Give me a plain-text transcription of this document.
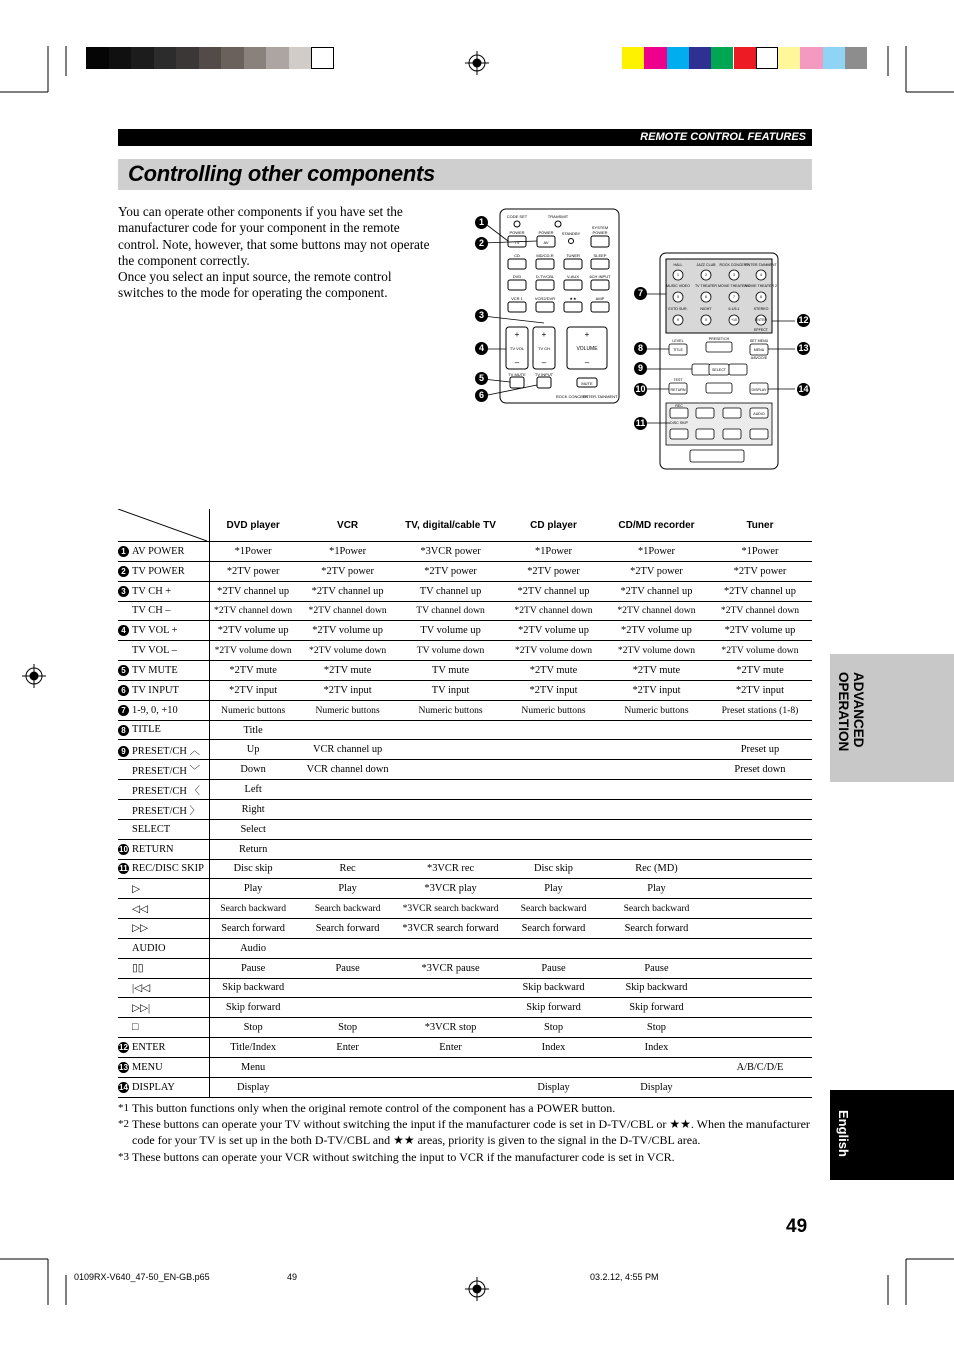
REMOTE CONTROL FEATURES
Controlling other components

You can operate other components if you have set the manufacturer code for your component in the remote control. Note, however, that some buttons may not operate the component correctly.

Once you select an input source, the remote control switches to the mode for operating the component.

CODE SET	TRANSMIT
POWER	POWER STANDBY
SYSTEM
POWER
TV	AV
CD	MD/CD-R	TUNER	SLEEP
DVD	D-TV/CBL	V-AUX	6CH INPUT
VCR 1	VCR2/DVR	★★	AMP
+	+	+
TV VOL	TV CH	VOLUME
–	–	–
TV MUTE TV INPUT
MUTE
ROCK CONCERT
ENTER-TAINMENT
1
2
3
4
5
6
HALL	JAZZ CLUB ROCK CONCERT
ENTER-TAINMENT
1	2	3	4
MUSIC VIDEO TV THEATER MOVIE THEATER 1
MOVIE THEATER 2
5	6	7	8
EXTD SUR.	NIGHT	6.1/5.1	STEREO
9	0	+10	ENTER
EFFECT
LEVEL	PRESET/CH	SET MENU
TITLE	MENU
A/B/C/D/E
SELECT
TEST
RETURN	DISPLAY
REC
AUDIO
DISC SKIP
7
8
9
10
11
12
13
14
	DVD player	VCR	TV, digital/cable TV	CD player	CD/MD recorder	Tuner
1 AV POWER	*1Power	*1Power	*3VCR power	*1Power	*1Power	*1Power
2 TV POWER	*2TV power	*2TV power	*2TV power	*2TV power	*2TV power	*2TV power
3 TV CH +	*2TV channel up	*2TV channel up	TV channel up	*2TV channel up	*2TV channel up	*2TV channel up
TV CH –	*2TV channel down	*2TV channel down	TV channel down	*2TV channel down	*2TV channel down	*2TV channel down
4 TV VOL +	*2TV volume up	*2TV volume up	TV volume up	*2TV volume up	*2TV volume up	*2TV volume up
TV VOL –	*2TV volume down	*2TV volume down	TV volume down	*2TV volume down	*2TV volume down	*2TV volume down
5 TV MUTE	*2TV mute	*2TV mute	TV mute	*2TV mute	*2TV mute	*2TV mute
6 TV INPUT	*2TV input	*2TV input	TV input	*2TV input	*2TV input	*2TV input
7 1-9, 0, +10	Numeric buttons	Numeric buttons	Numeric buttons	Numeric buttons	Numeric buttons	Preset stations (1-8)
8 TITLE	Title					
9 PRESET/CH ︿	Up	VCR channel up				Preset up
PRESET/CH ﹀	Down	VCR channel down				Preset down
PRESET/CH 〈	Left					
PRESET/CH 〉	Right					
SELECT	Select					
10 RETURN	Return					
11 REC/DISC SKIP	Disc skip	Rec	*3VCR rec	Disc skip	Rec (MD)	
▷	Play	Play	*3VCR play	Play	Play	
◁◁	Search backward	Search backward	*3VCR search backward	Search backward	Search backward	
▷▷	Search forward	Search forward	*3VCR search forward	Search forward	Search forward	
AUDIO	Audio					
▯▯	Pause	Pause	*3VCR pause	Pause	Pause	
|◁◁	Skip backward			Skip backward	Skip backward	
▷▷|	Skip forward			Skip forward	Skip forward	
□	Stop	Stop	*3VCR stop	Stop	Stop	
12 ENTER	Title/Index	Enter	Enter	Index	Index	
13 MENU	Menu					A/B/C/D/E
14 DISPLAY	Display			Display	Display	
*1 This button functions only when the original remote control of the component has a POWER button.
*2 These buttons can operate your TV without switching the input if the manufacturer code is set in D-TV/CBL or ★★. When the manufacturer code for your TV is set up in the both D-TV/CBL and ★★ areas, priority is given to the signal in the D-TV/CBL area.
*3 These buttons can operate your VCR without switching the input to VCR if the manufacturer code is set in VCR.
ADVANCED OPERATION
English
49
0109RX-V640_47-50_EN-GB.p65	49	03.2.12, 4:55 PM
